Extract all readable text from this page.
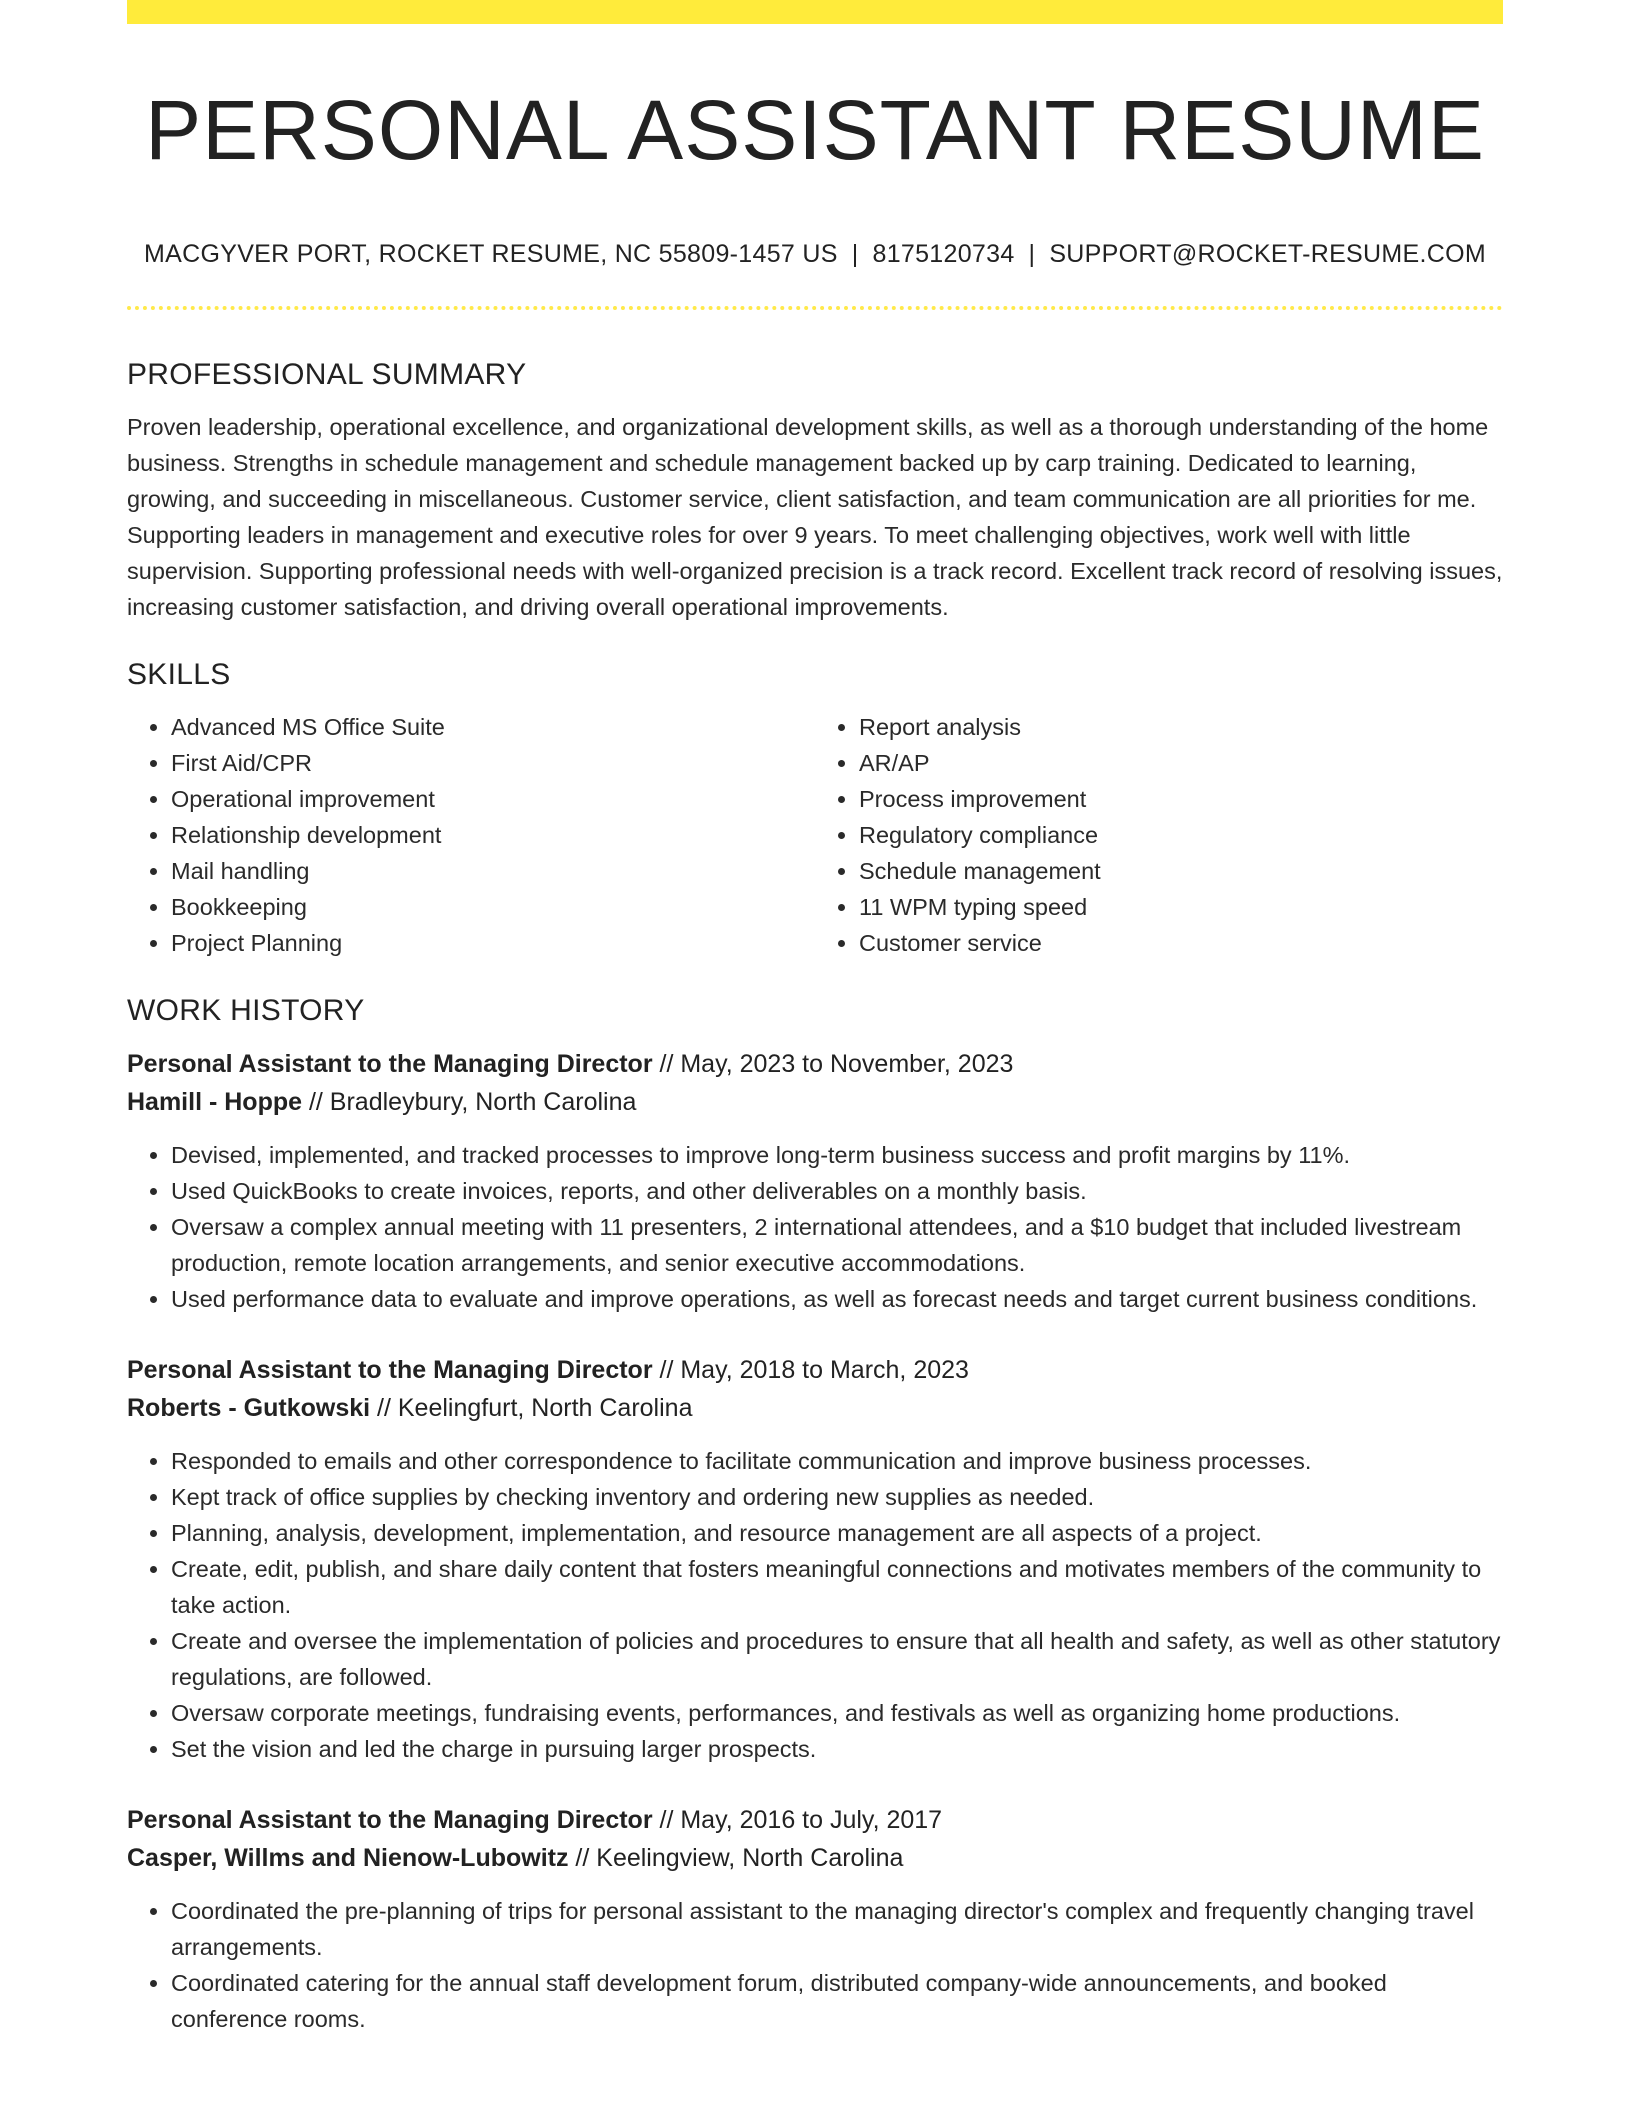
PERSONAL ASSISTANT RESUME
MACGYVER PORT, ROCKET RESUME, NC 55809-1457 US | 8175120734 | SUPPORT@ROCKET-RESUME.COM
PROFESSIONAL SUMMARY

Proven leadership, operational excellence, and organizational development skills, as well as a thorough understanding of the home business. Strengths in schedule management and schedule management backed up by carp training. Dedicated to learning, growing, and succeeding in miscellaneous. Customer service, client satisfaction, and team communication are all priorities for me. Supporting leaders in management and executive roles for over 9 years. To meet challenging objectives, work well with little supervision. Supporting professional needs with well-organized precision is a track record. Excellent track record of resolving issues, increasing customer satisfaction, and driving overall operational improvements.

SKILLS
• Advanced MS Office Suite
• First Aid/CPR
• Operational improvement
• Relationship development
• Mail handling
• Bookkeeping
• Project Planning
• Report analysis
• AR/AP
• Process improvement
• Regulatory compliance
• Schedule management
• 11 WPM typing speed
• Customer service
WORK HISTORY
Personal Assistant to the Managing Director // May, 2023 to November, 2023
Hamill - Hoppe // Bradleybury, North Carolina
• Devised, implemented, and tracked processes to improve long-term business success and profit margins by 11%.
• Used QuickBooks to create invoices, reports, and other deliverables on a monthly basis.
• Oversaw a complex annual meeting with 11 presenters, 2 international attendees, and a $10 budget that included livestream production, remote location arrangements, and senior executive accommodations.
• Used performance data to evaluate and improve operations, as well as forecast needs and target current business conditions.
Personal Assistant to the Managing Director // May, 2018 to March, 2023
Roberts - Gutkowski // Keelingfurt, North Carolina
• Responded to emails and other correspondence to facilitate communication and improve business processes.
• Kept track of office supplies by checking inventory and ordering new supplies as needed.
• Planning, analysis, development, implementation, and resource management are all aspects of a project.
• Create, edit, publish, and share daily content that fosters meaningful connections and motivates members of the community to take action.
• Create and oversee the implementation of policies and procedures to ensure that all health and safety, as well as other statutory regulations, are followed.
• Oversaw corporate meetings, fundraising events, performances, and festivals as well as organizing home productions.
• Set the vision and led the charge in pursuing larger prospects.
Personal Assistant to the Managing Director // May, 2016 to July, 2017
Casper, Willms and Nienow-Lubowitz // Keelingview, North Carolina
• Coordinated the pre-planning of trips for personal assistant to the managing director's complex and frequently changing travel arrangements.
• Coordinated catering for the annual staff development forum, distributed company-wide announcements, and booked conference rooms.
